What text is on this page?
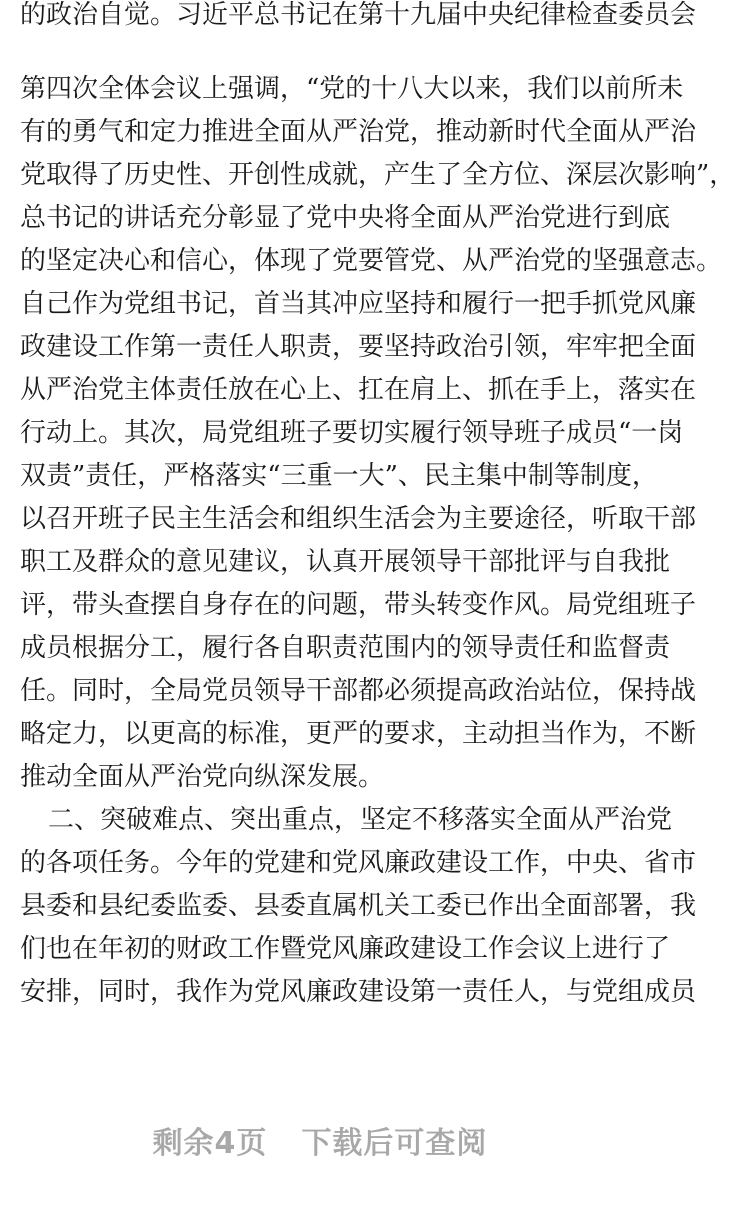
的政治自觉。习近平总书记在第十九届中央纪律检查委员会
第四次全体会议上强调，“党的十八大以来，我们以前所未
有的勇气和定力推进全面从严治党，推动新时代全面从严治
党取得了历史性、开创性成就，产生了全方位、深层次影响”，
总书记的讲话充分彰显了党中央将全面从严治党进行到底
的坚定决心和信心，体现了党要管党、从严治党的坚强意志。
自己作为党组书记，首当其冲应坚持和履行一把手抓党风廉
政建设工作第一责任人职责，要坚持政治引领，牢牢把全面
从严治党主体责任放在心上、扛在肩上、抓在手上，落实在
行动上。其次，局党组班子要切实履行领导班子成员“一岗
双责”责任，严格落实“三重一大”、民主集中制等制度，
以召开班子民主生活会和组织生活会为主要途径，听取干部
职工及群众的意见建议，认真开展领导干部批评与自我批
评，带头查摆自身存在的问题，带头转变作风。局党组班子
成员根据分工，履行各自职责范围内的领导责任和监督责
任。同时，全局党员领导干部都必须提高政治站位，保持战
略定力，以更高的标准，更严的要求，主动担当作为，不断
推动全面从严治党向纵深发展。
二、突破难点、突出重点，坚定不移落实全面从严治党
的各项任务。今年的党建和党风廉政建设工作，中央、省市
县委和县纪委监委、县委直属机关工委已作出全面部署，我
们也在年初的财政工作暨党风廉政建设工作会议上进行了
安排，同时，我作为党风廉政建设第一责任人，与党组成员
剩余4页 下载后可查阅
